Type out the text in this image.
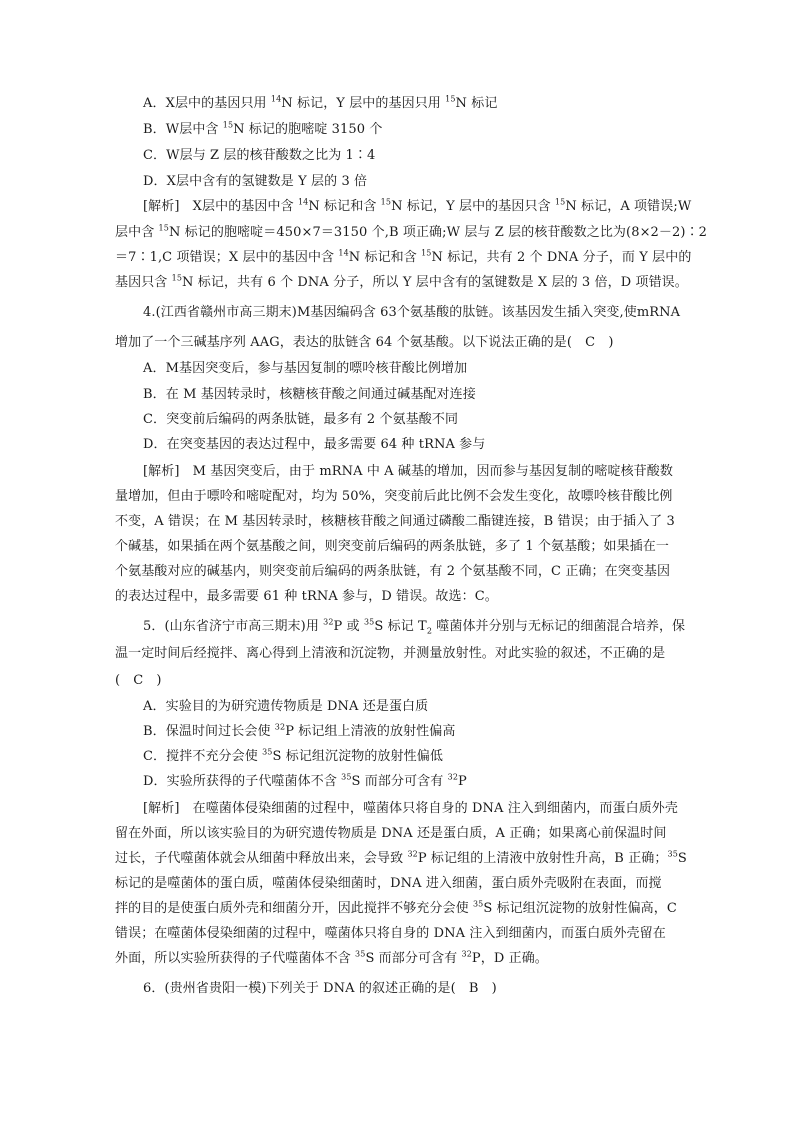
A．X层中的基因只用 $^{14}$N 标记，Y 层中的基因只用 $^{15}$N 标记
B．W层中含 $^{15}$N 标记的胞嘧啶 3150 个
C．W层与 Z 层的核苷酸数之比为 1∶4
D．X层中含有的氢键数是 Y 层的 3 倍
[解析]　X层中的基因中含 $^{14}$N 标记和含 $^{15}$N 标记，Y 层中的基因只含 $^{15}$N 标记，A 项错误;W
层中含 $^{15}$N 标记的胞嘧啶＝450×7＝3150 个,B 项正确;W 层与 Z 层的核苷酸数之比为(8×2－2)∶2
＝7∶1,C 项错误；X 层中的基因中含 $^{14}$N 标记和含 $^{15}$N 标记，共有 2 个 DNA 分子，而 Y 层中的
基因只含 $^{15}$N 标记，共有 6 个 DNA 分子，所以 Y 层中含有的氢键数是 X 层的 3 倍，D 项错误。
4.(江西省赣州市高三期末)M基因编码含 63个氨基酸的肽链。该基因发生插入突变,使mRNA
增加了一个三碱基序列 AAG，表达的肽链含 64 个氨基酸。以下说法正确的是(　C　)
A．M基因突变后，参与基因复制的嘌呤核苷酸比例增加
B．在 M 基因转录时，核糖核苷酸之间通过碱基配对连接
C．突变前后编码的两条肽链，最多有 2 个氨基酸不同
D．在突变基因的表达过程中，最多需要 64 种 tRNA 参与
[解析]　M 基因突变后，由于 mRNA 中 A 碱基的增加，因而参与基因复制的嘧啶核苷酸数
量增加，但由于嘌呤和嘧啶配对，均为 50%，突变前后此比例不会发生变化，故嘌呤核苷酸比例
不变，A 错误；在 M 基因转录时，核糖核苷酸之间通过磷酸二酯键连接，B 错误；由于插入了 3
个碱基，如果插在两个氨基酸之间，则突变前后编码的两条肽链，多了 1 个氨基酸；如果插在一
个氨基酸对应的碱基内，则突变前后编码的两条肽链，有 2 个氨基酸不同，C 正确；在突变基因
的表达过程中，最多需要 61 种 tRNA 参与，D 错误。故选：C。
5．(山东省济宁市高三期末)用 $^{32}$P 或 $^{35}$S 标记 $T_2$ 噬菌体并分别与无标记的细菌混合培养，保
温一定时间后经搅拌、离心得到上清液和沉淀物，并测量放射性。对此实验的叙述，不正确的是
(　C　)
A．实验目的为研究遗传物质是 DNA 还是蛋白质
B．保温时间过长会使 $^{32}$P 标记组上清液的放射性偏高
C．搅拌不充分会使 $^{35}$S 标记组沉淀物的放射性偏低
D．实验所获得的子代噬菌体不含 $^{35}$S 而部分可含有 $^{32}$P
[解析]　在噬菌体侵染细菌的过程中，噬菌体只将自身的 DNA 注入到细菌内，而蛋白质外壳
留在外面，所以该实验目的为研究遗传物质是 DNA 还是蛋白质，A 正确；如果离心前保温时间
过长，子代噬菌体就会从细菌中释放出来，会导致 $^{32}$P 标记组的上清液中放射性升高，B 正确；$^{35}$S
标记的是噬菌体的蛋白质，噬菌体侵染细菌时，DNA 进入细菌，蛋白质外壳吸附在表面，而搅
拌的目的是使蛋白质外壳和细菌分开，因此搅拌不够充分会使 $^{35}$S 标记组沉淀物的放射性偏高，C
错误；在噬菌体侵染细菌的过程中，噬菌体只将自身的 DNA 注入到细菌内，而蛋白质外壳留在
外面，所以实验所获得的子代噬菌体不含 $^{35}$S 而部分可含有 $^{32}$P，D 正确。
6．(贵州省贵阳一模)下列关于 DNA 的叙述正确的是(　B　)
